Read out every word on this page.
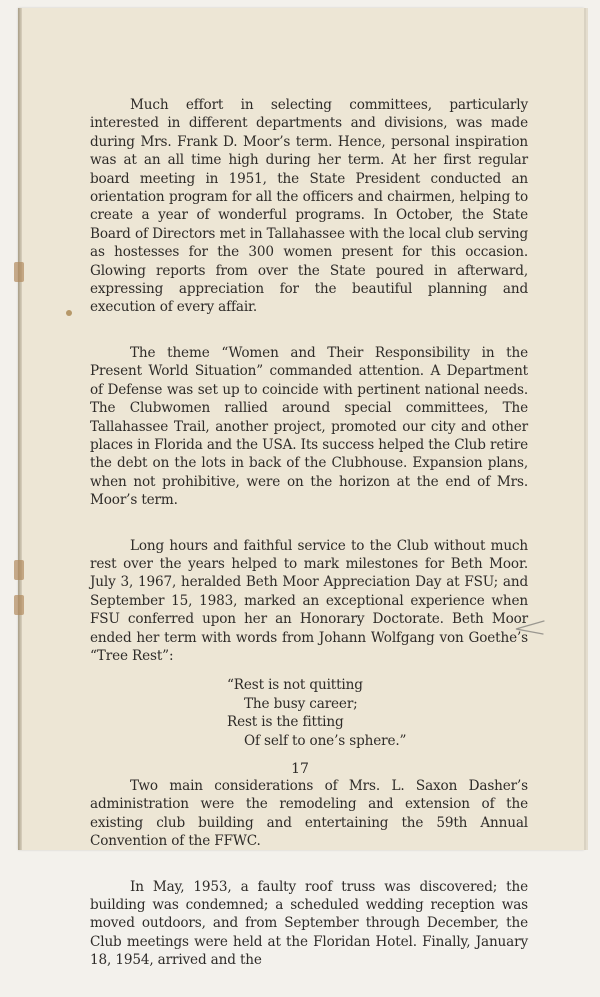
Much effort in selecting committees, particularly interested in different departments and divisions, was made during Mrs. Frank D. Moor’s term. Hence, personal inspiration was at an all time high during her term. At her first regular board meeting in 1951, the State President conducted an orientation program for all the officers and chairmen, helping to create a year of wonderful programs. In October, the State Board of Directors met in Tallahassee with the local club serving as hostesses for the 300 women present for this occasion. Glowing reports from over the State poured in afterward, expressing appreciation for the beautiful planning and execution of every affair.

The theme “Women and Their Responsibility in the Present World Situation” commanded attention. A Department of Defense was set up to coincide with pertinent national needs. The Clubwomen rallied around special committees, The Tallahassee Trail, another project, promoted our city and other places in Florida and the USA. Its success helped the Club retire the debt on the lots in back of the Clubhouse. Expansion plans, when not prohibitive, were on the horizon at the end of Mrs. Moor’s term.

Long hours and faithful service to the Club without much rest over the years helped to mark milestones for Beth Moor. July 3, 1967, heralded Beth Moor Appreciation Day at FSU; and September 15, 1983, marked an exceptional experience when FSU conferred upon her an Honorary Doctorate. Beth Moor ended her term with words from Johann Wolfgang von Goethe’s “Tree Rest”:

“Rest is not quitting
The busy career;
Rest is the fitting
Of self to one’s sphere.”

Two main considerations of Mrs. L. Saxon Dasher’s administration were the remodeling and extension of the existing club building and entertaining the 59th Annual Convention of the FFWC.

In May, 1953, a faulty roof truss was discovered; the building was condemned; a scheduled wedding reception was moved outdoors, and from September through December, the Club meetings were held at the Floridan Hotel. Finally, January 18, 1954, arrived and the

17
